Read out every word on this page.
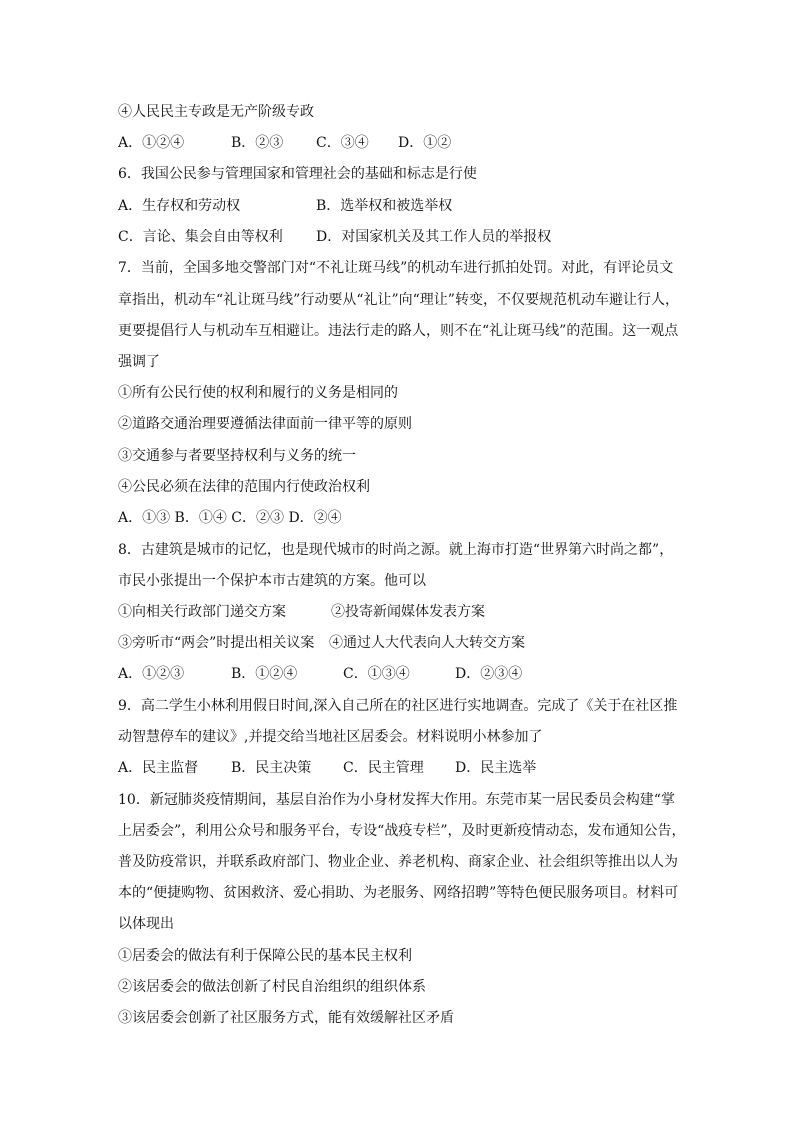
④人民民主专政是无产阶级专政
A．①②④	B．②③ C．③④ D．①②
6．我国公民参与管理国家和管理社会的基础和标志是行使
A．生存权和劳动权	B．选举权和被选举权
C．言论、集会自由等权利 D．对国家机关及其工作人员的举报权
7．当前，全国多地交警部门对“不礼让斑马线”的机动车进行抓拍处罚。对此，有评论员文
章指出，机动车“礼让斑马线”行动要从“礼让”向“理让”转变，不仅要规范机动车避让行人，
更要提倡行人与机动车互相避让。违法行走的路人，则不在“礼让斑马线”的范围。这一观点
强调了
①所有公民行使的权利和履行的义务是相同的
②道路交通治理要遵循法律面前一律平等的原则
③交通参与者要坚持权利与义务的统一
④公民必须在法律的范围内行使政治权利
A．①③ B．①④ C．②③ D．②④
8．古建筑是城市的记忆，也是现代城市的时尚之源。就上海市打造“世界第六时尚之都”，
市民小张提出一个保护本市古建筑的方案。他可以
①向相关行政部门递交方案	②投寄新闻媒体发表方案
③旁听市“两会”时提出相关议案 ④通过人大代表向人大转交方案
A．①②③	B．①②④	C．①③④	D．②③④
9．高二学生小林利用假日时间,深入自己所在的社区进行实地调查。完成了《关于在社区推
动智慧停车的建议》,并提交给当地社区居委会。材料说明小林参加了
A．民主监督 B．民主决策 C．民主管理 D．民主选举
10．新冠肺炎疫情期间，基层自治作为小身材发挥大作用。东莞市某一居民委员会构建“掌
上居委会”，利用公众号和服务平台，专设“战疫专栏”，及时更新疫情动态，发布通知公告，
普及防疫常识，并联系政府部门、物业企业、养老机构、商家企业、社会组织等推出以人为
本的“便捷购物、贫困救济、爱心捐助、为老服务、网络招聘”等特色便民服务项目。材料可
以体现出
①居委会的做法有利于保障公民的基本民主权利
②该居委会的做法创新了村民自治组织的组织体系
③该居委会创新了社区服务方式，能有效缓解社区矛盾
